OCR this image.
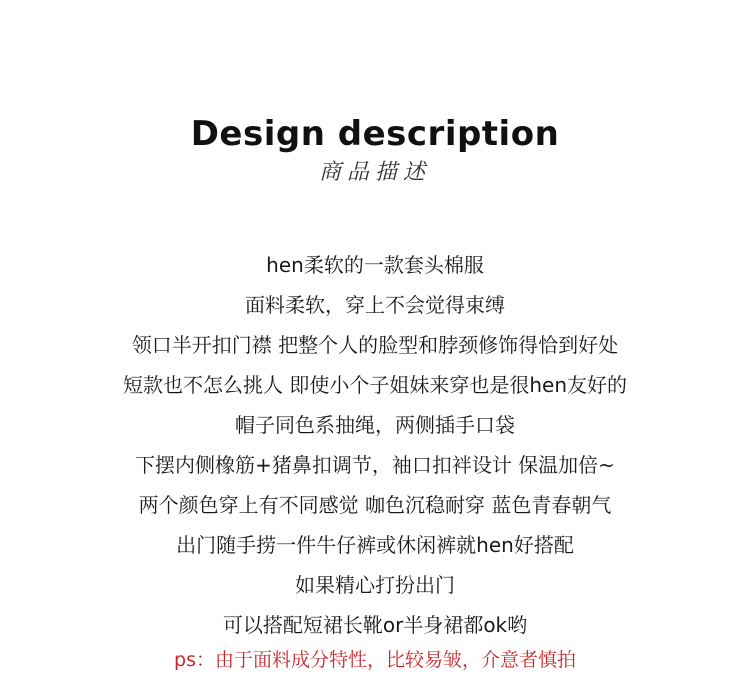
Design description
商品描述
hen柔软的一款套头棉服
面料柔软，穿上不会觉得束缚
领口半开扣门襟 把整个人的脸型和脖颈修饰得恰到好处
短款也不怎么挑人 即使小个子姐妹来穿也是很hen友好的
帽子同色系抽绳，两侧插手口袋
下摆内侧橡筋+猪鼻扣调节，袖口扣袢设计 保温加倍~
两个颜色穿上有不同感觉 咖色沉稳耐穿 蓝色青春朝气
出门随手捞一件牛仔裤或休闲裤就hen好搭配
如果精心打扮出门
可以搭配短裙长靴or半身裙都ok哟
ps：由于面料成分特性，比较易皱，介意者慎拍
